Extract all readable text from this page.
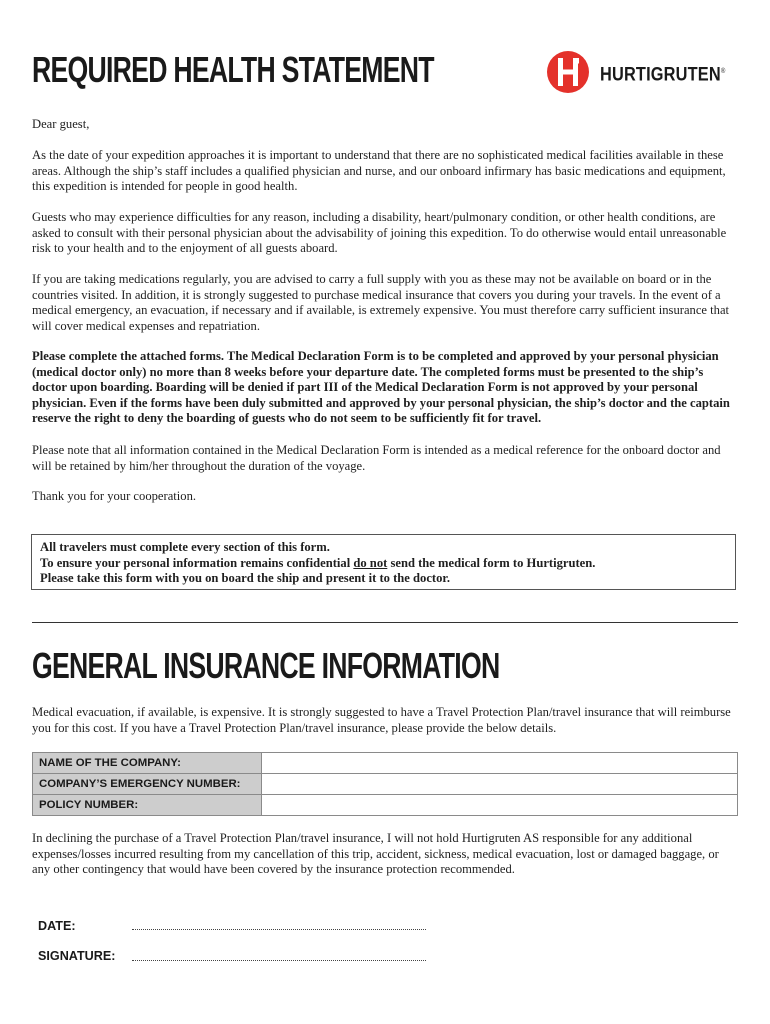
REQUIRED HEALTH STATEMENT	HURTIGRUTEN®

Dear guest,

As the date of your expedition approaches it is important to understand that there are no sophisticated medical facilities available in these areas. Although the ship’s staff includes a qualified physician and nurse, and our onboard infirmary has basic medications and equipment, this expedition is intended for people in good health.

Guests who may experience difficulties for any reason, including a disability, heart/pulmonary condition, or other health conditions, are asked to consult with their personal physician about the advisability of joining this expedition. To do otherwise would entail unreasonable risk to your health and to the enjoyment of all guests aboard.

If you are taking medications regularly, you are advised to carry a full supply with you as these may not be available on board or in the countries visited. In addition, it is strongly suggested to purchase medical insurance that covers you during your travels. In the event of a medical emergency, an evacuation, if necessary and if available, is extremely expensive. You must therefore carry sufficient insurance that will cover medical expenses and repatriation.

Please complete the attached forms. The Medical Declaration Form is to be completed and approved by your personal physician (medical doctor only) no more than 8 weeks before your departure date. The completed forms must be presented to the ship’s doctor upon boarding. Boarding will be denied if part III of the Medical Declaration Form is not approved by your personal physician. Even if the forms have been duly submitted and approved by your personal physician, the ship’s doctor and the captain reserve the right to deny the boarding of guests who do not seem to be sufficiently fit for travel.

Please note that all information contained in the Medical Declaration Form is intended as a medical reference for the onboard doctor and will be retained by him/her throughout the duration of the voyage.

Thank you for your cooperation.

All travelers must complete every section of this form.

To ensure your personal information remains confidential do not send the medical form to Hurtigruten.

Please take this form with you on board the ship and present it to the doctor.

GENERAL INSURANCE INFORMATION

Medical evacuation, if available, is expensive. It is strongly suggested to have a Travel Protection Plan/travel insurance that will reimburse you for this cost. If you have a Travel Protection Plan/travel insurance, please provide the below details.

NAME OF THE COMPANY:	
COMPANY’S EMERGENCY NUMBER:	
POLICY NUMBER:	

In declining the purchase of a Travel Protection Plan/travel insurance, I will not hold Hurtigruten AS responsible for any additional expenses/losses incurred resulting from my cancellation of this trip, accident, sickness, medical evacuation, lost or damaged baggage, or any other contingency that would have been covered by the insurance protection recommended.

DATE:
SIGNATURE:
